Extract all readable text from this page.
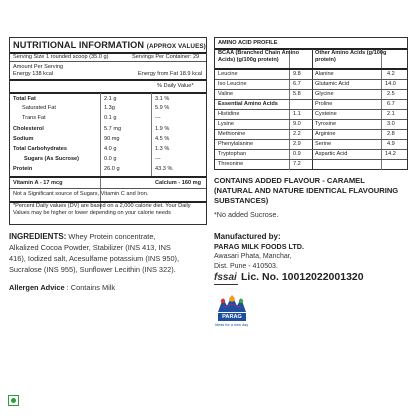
NUTRITIONAL INFORMATION (APPROX VALUES)
Serving Size 1 rounded scoop (35.0 g)	Servings Per Container: 29
Amount Per Serving
Energy 138 kcal	Energy from Fat 18.9 kcal
% Daily Value*
Total Fat	2.1 g	3.1 %
Saturated Fat	1.3g	5.9 %
Trans Fat	0.1 g	---
Cholesterol	5.7 mg	1.9 %
Sodium	90 mg	4.5 %
Total Carbohydrates	4.0 g	1.3 %
Sugars (As Sucrose)	0.0 g	---
Protein	26.0 g	43.3 %
Vitamin A - 17 mcg	Calcium - 160 mg
Not a Significant source of Sugars, Vitamin C and Iron.
*Percent Daily values (DV) are based on a 2,000 calorie diet. Your Daily Values may be higher or lower depending on your calorie needs
AMINO ACID PROFILE
BCAA (Branched Chain Amino Acids) (g/100g protein)
Other Amino Acids (g/100g protein)
Leucine	9.8
Iso Leucine	6.7
Valine	5.8
Essential Amino Acids
Histidine	1.1
Lysine	9.0
Methionine	2.2
Phenylalanine	2.9
Tryptophan	0.9
Threonine	7.2
Alanine	4.2
Glutamic Acid	14.0
Glycine	2.5
Proline	6.7
Cysteine	2.1
Tyrosine	3.0
Arginine	2.8
Serine	4.9
Aspartic Acid	14.2
CONTAINS ADDED FLAVOUR - CARAMEL
(NATURAL AND NATURE IDENTICAL FLAVOURING
SUBSTANCES)
*No added Sucrose.
INGREDIENTS: Whey Protein concentrate,
Alkalized Cocoa Powder, Stabilizer (INS 413, INS
416), Iodized salt, Acesulfame potassium (INS 950),
Sucralose (INS 955), Sunflower Lecithin (INS 322).
Allergen Advice : Contains Milk
Manufactured by:
PARAG MILK FOODS LTD.
Awasari Phata, Manchar,
Dist. Pune - 410503.
fssai Lic. No. 10012022001320
PARAG
Ideas for a new day
